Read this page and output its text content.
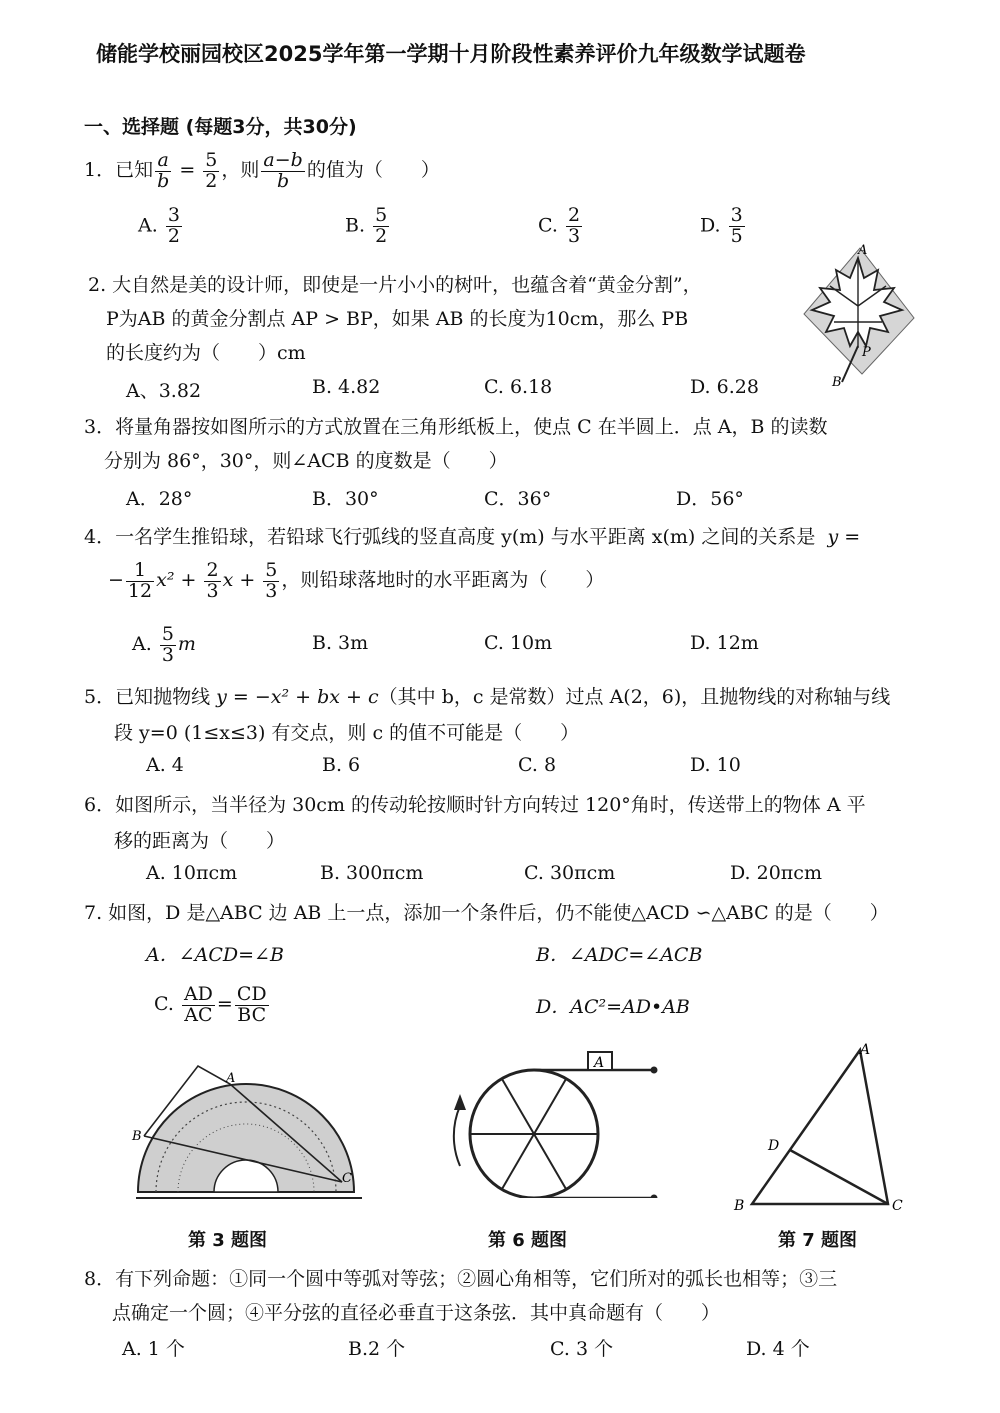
储能学校丽园校区2025学年第一学期十月阶段性素养评价九年级数学试题卷
一、选择题 (每题3分，共30分)
1．已知 $\frac{a}{b} = \frac{5}{2}$ ，则 $\frac{a-b}{b}$ 的值为（　　）
A. $\frac{3}{2}$	B. $\frac{5}{2}$	C. $\frac{2}{3}$	D. $\frac{3}{5}$
2. 大自然是美的设计师，即使是一片小小的树叶，也蕴含着“黄金分割”，
P为AB 的黄金分割点 AP > BP，如果 AB 的长度为10cm，那么 PB
的长度约为（　　）cm
A、3.82	B. 4.82	C. 6.18	D. 6.28
A
P
B
3．将量角器按如图所示的方式放置在三角形纸板上，使点 C 在半圆上．点 A，B 的读数
分别为 86°，30°，则∠ACB 的度数是（　　）
A．28°	B．30°	C．36°	D．56°
4．一名学生推铅球，若铅球飞行弧线的竖直高度 y(m) 与水平距离 x(m) 之间的关系是 y =
− $\frac{1}{12} x^2 + \frac{2}{3}$ $x + \frac{5}{3}$ ，则铅球落地时的水平距离为（　　）
A. $\frac{5}{3}$ m	B. 3m	C. 10m	D. 12m
5．已知抛物线 y = −x² + bx + c（其中 b，c 是常数）过点 A(2，6)，且抛物线的对称轴与线
段 y=0 (1≤x≤3) 有交点，则 c 的值不可能是（　　）
A. 4	B. 6	C. 8	D. 10
6．如图所示，当半径为 30cm 的传动轮按顺时针方向转过 120°角时，传送带上的物体 A 平
移的距离为（　　）
A. 10πcm	B. 300πcm	C. 30πcm	D. 20πcm
7. 如图，D 是△ABC 边 AB 上一点，添加一个条件后，仍不能使△ACD ∽△ABC 的是（　　）
A．∠ACD=∠B	B．∠ADC=∠ACB
C. $\frac{AD}{AC} = \frac{CD}{BC}$	D．AC²=AD•AB
A
B
C
第 3 题图
A
第 6 题图
A
B	C
D
第 7 题图
8．有下列命题：①同一个圆中等弧对等弦；②圆心角相等，它们所对的弧长也相等；③三
点确定一个圆；④平分弦的直径必垂直于这条弦．其中真命题有（　　）
A. 1 个	B.2 个	C. 3 个	D. 4 个
